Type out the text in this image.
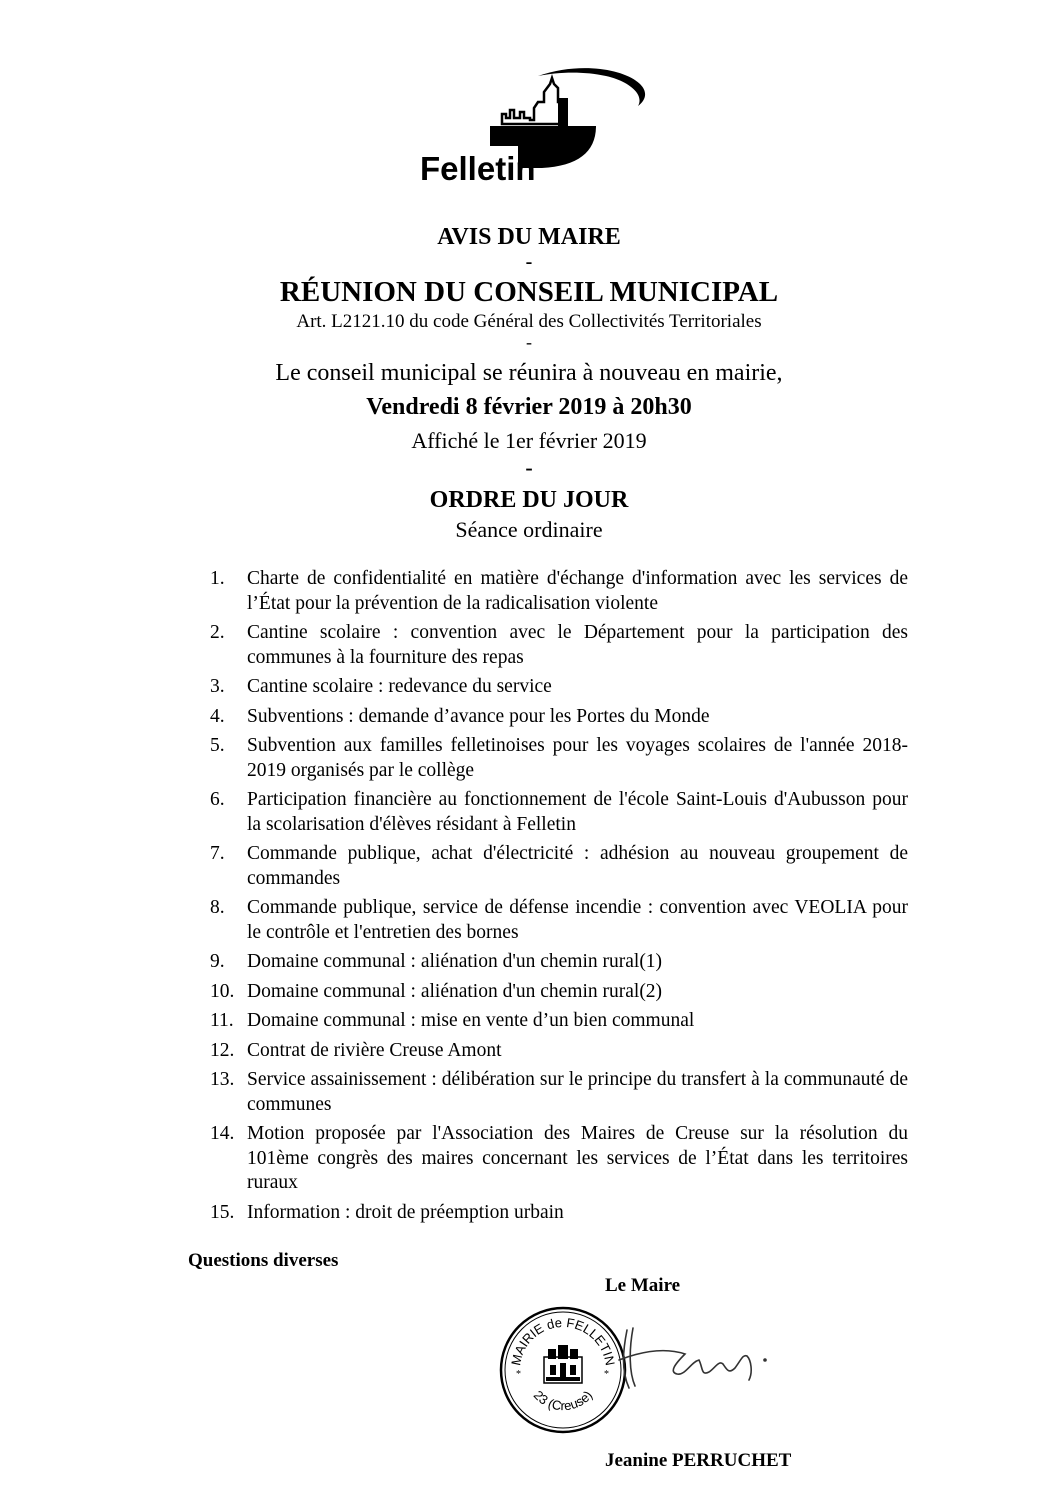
Felletin
AVIS DU MAIRE
-
RÉUNION DU CONSEIL MUNICIPAL
Art. L2121.10 du code Général des Collectivités Territoriales
-
Le conseil municipal se réunira à nouveau en mairie,
Vendredi 8 février 2019 à 20h30
Affiché le 1er février 2019
-
ORDRE DU JOUR
Séance ordinaire
1. Charte de confidentialité en matière d'échange d'information avec les services de l’État pour la prévention de la radicalisation violente
2. Cantine scolaire : convention avec le Département pour la participation des communes à la fourniture des repas
3. Cantine scolaire : redevance du service
4. Subventions : demande d’avance pour les Portes du Monde
5. Subvention aux familles felletinoises pour les voyages scolaires de l'année 2018-2019 organisés par le collège
6. Participation financière au fonctionnement de l'école Saint-Louis d'Aubusson pour la scolarisation d'élèves résidant à Felletin
7. Commande publique, achat d'électricité : adhésion au nouveau groupement de commandes
8. Commande publique, service de défense incendie : convention avec VEOLIA pour le contrôle et l'entretien des bornes
9. Domaine communal : aliénation d'un chemin rural(1)
10. Domaine communal : aliénation d'un chemin rural(2)
11. Domaine communal : mise en vente d’un bien communal
12. Contrat de rivière Creuse Amont
13. Service assainissement : délibération sur le principe du transfert à la communauté de communes
14. Motion proposée par l'Association des Maires de Creuse sur la résolution du 101ème congrès des maires concernant les services de l’État dans les territoires ruraux
15. Information : droit de préemption urbain
Questions diverses
Le Maire
MAIRIE de FELLETIN
23 (Creuse)
*	*
Jeanine PERRUCHET
